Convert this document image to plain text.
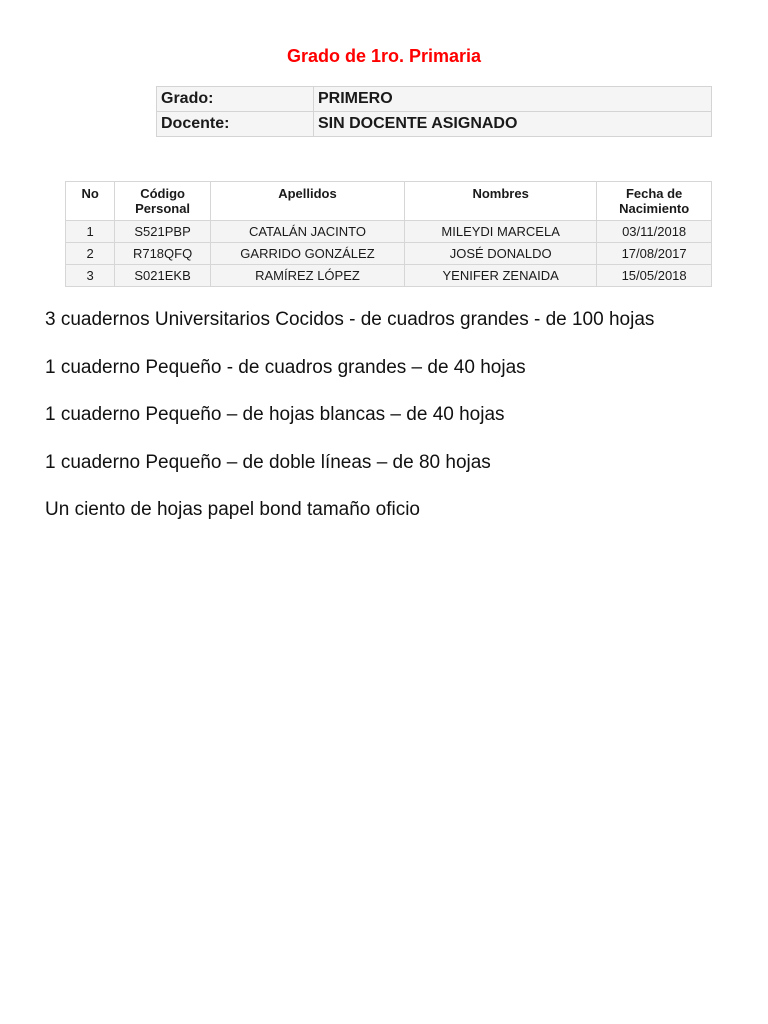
Grado de 1ro. Primaria
Grado:	PRIMERO
Docente:	SIN DOCENTE ASIGNADO
No	Código Personal	Apellidos	Nombres	Fecha de Nacimiento
1	S521PBP	CATALÁN JACINTO	MILEYDI MARCELA	03/11/2018
2	R718QFQ	GARRIDO GONZÁLEZ	JOSÉ DONALDO	17/08/2017
3	S021EKB	RAMÍREZ LÓPEZ	YENIFER ZENAIDA	15/05/2018
3 cuadernos Universitarios Cocidos - de cuadros grandes - de 100 hojas
1 cuaderno Pequeño - de cuadros grandes – de 40 hojas
1 cuaderno Pequeño – de hojas blancas – de 40 hojas
1 cuaderno Pequeño – de doble líneas – de 80 hojas
Un ciento de hojas papel bond tamaño oficio
